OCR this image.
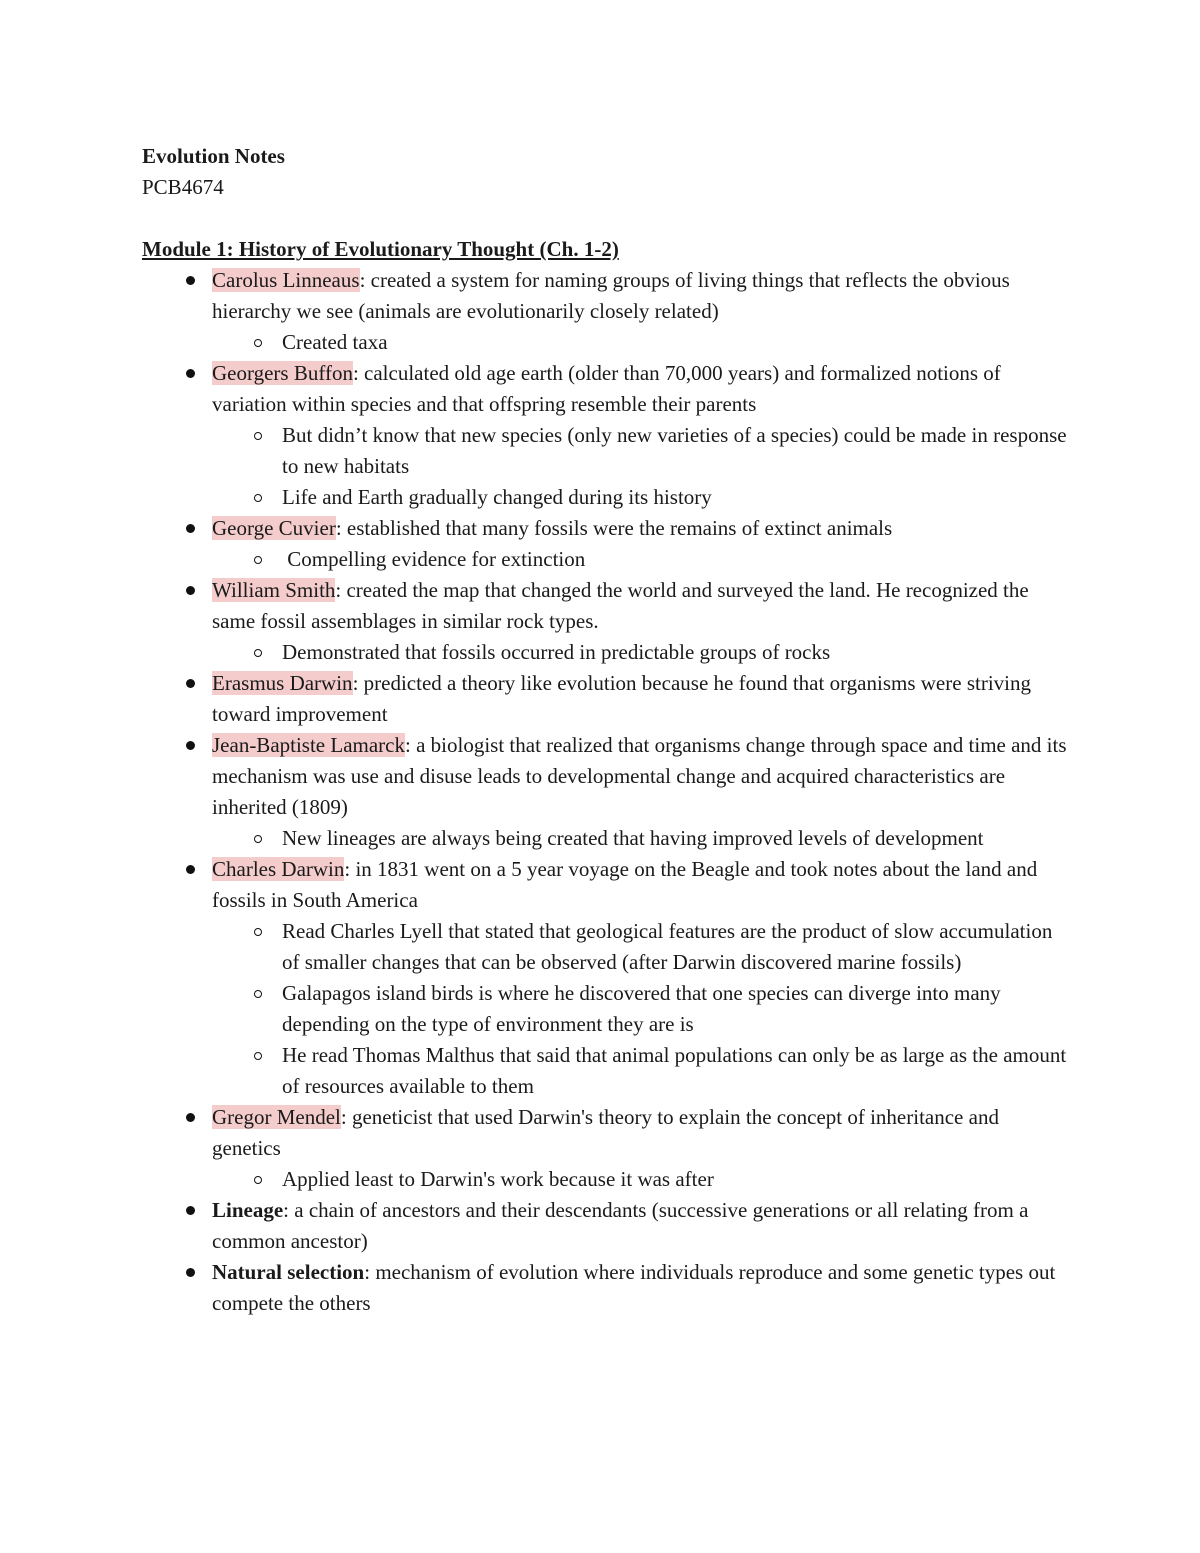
Evolution Notes

PCB4674

Module 1: History of Evolutionary Thought (Ch. 1-2)

Carolus Linneaus: created a system for naming groups of living things that reflects the obvious hierarchy we see (animals are evolutionarily closely related)
Created taxa
Georgers Buffon: calculated old age earth (older than 70,000 years) and formalized notions of variation within species and that offspring resemble their parents
But didn’t know that new species (only new varieties of a species) could be made in response to new habitats
Life and Earth gradually changed during its history
George Cuvier: established that many fossils were the remains of extinct animals
Compelling evidence for extinction
William Smith: created the map that changed the world and surveyed the land. He recognized the same fossil assemblages in similar rock types.
Demonstrated that fossils occurred in predictable groups of rocks
Erasmus Darwin: predicted a theory like evolution because he found that organisms were striving toward improvement
Jean-Baptiste Lamarck: a biologist that realized that organisms change through space and time and its mechanism was use and disuse leads to developmental change and acquired characteristics are inherited (1809)
New lineages are always being created that having improved levels of development
Charles Darwin: in 1831 went on a 5 year voyage on the Beagle and took notes about the land and fossils in South America
Read Charles Lyell that stated that geological features are the product of slow accumulation of smaller changes that can be observed (after Darwin discovered marine fossils)
Galapagos island birds is where he discovered that one species can diverge into many depending on the type of environment they are is
He read Thomas Malthus that said that animal populations can only be as large as the amount of resources available to them
Gregor Mendel: geneticist that used Darwin's theory to explain the concept of inheritance and genetics
Applied least to Darwin's work because it was after
Lineage: a chain of ancestors and their descendants (successive generations or all relating from a common ancestor)
Natural selection: mechanism of evolution where individuals reproduce and some genetic types out compete the others
